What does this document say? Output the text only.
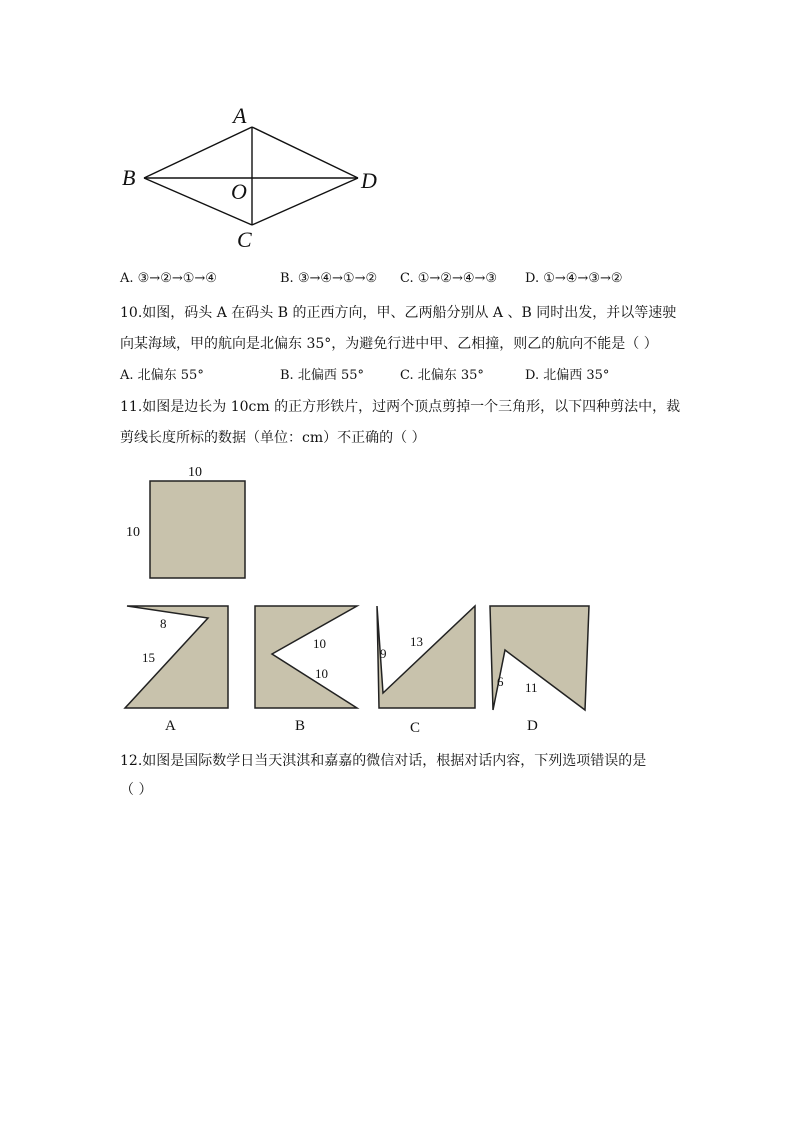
A
B
O	D
C
A. ③→②→①→④	B. ③→④→①→② C. ①→②→④→③ D. ①→④→③→②
10.如图，码头 A 在码头 B 的正西方向，甲、乙两船分别从 A 、B 同时出发，并以等速驶
向某海域，甲的航向是北偏东 35°，为避免行进中甲、乙相撞，则乙的航向不能是（ ）
A. 北偏东 55°	B. 北偏西 55°	C. 北偏东 35°	D. 北偏西 35°
11.如图是边长为 10cm 的正方形铁片，过两个顶点剪掉一个三角形，以下四种剪法中，裁
剪线长度所标的数据（单位：cm）不正确的（ ）
10
10
8
15
10
10
9
13
6 11
A	B	C	D
12.如图是国际数学日当天淇淇和嘉嘉的微信对话，根据对话内容，下列选项错误的是
（ ）
